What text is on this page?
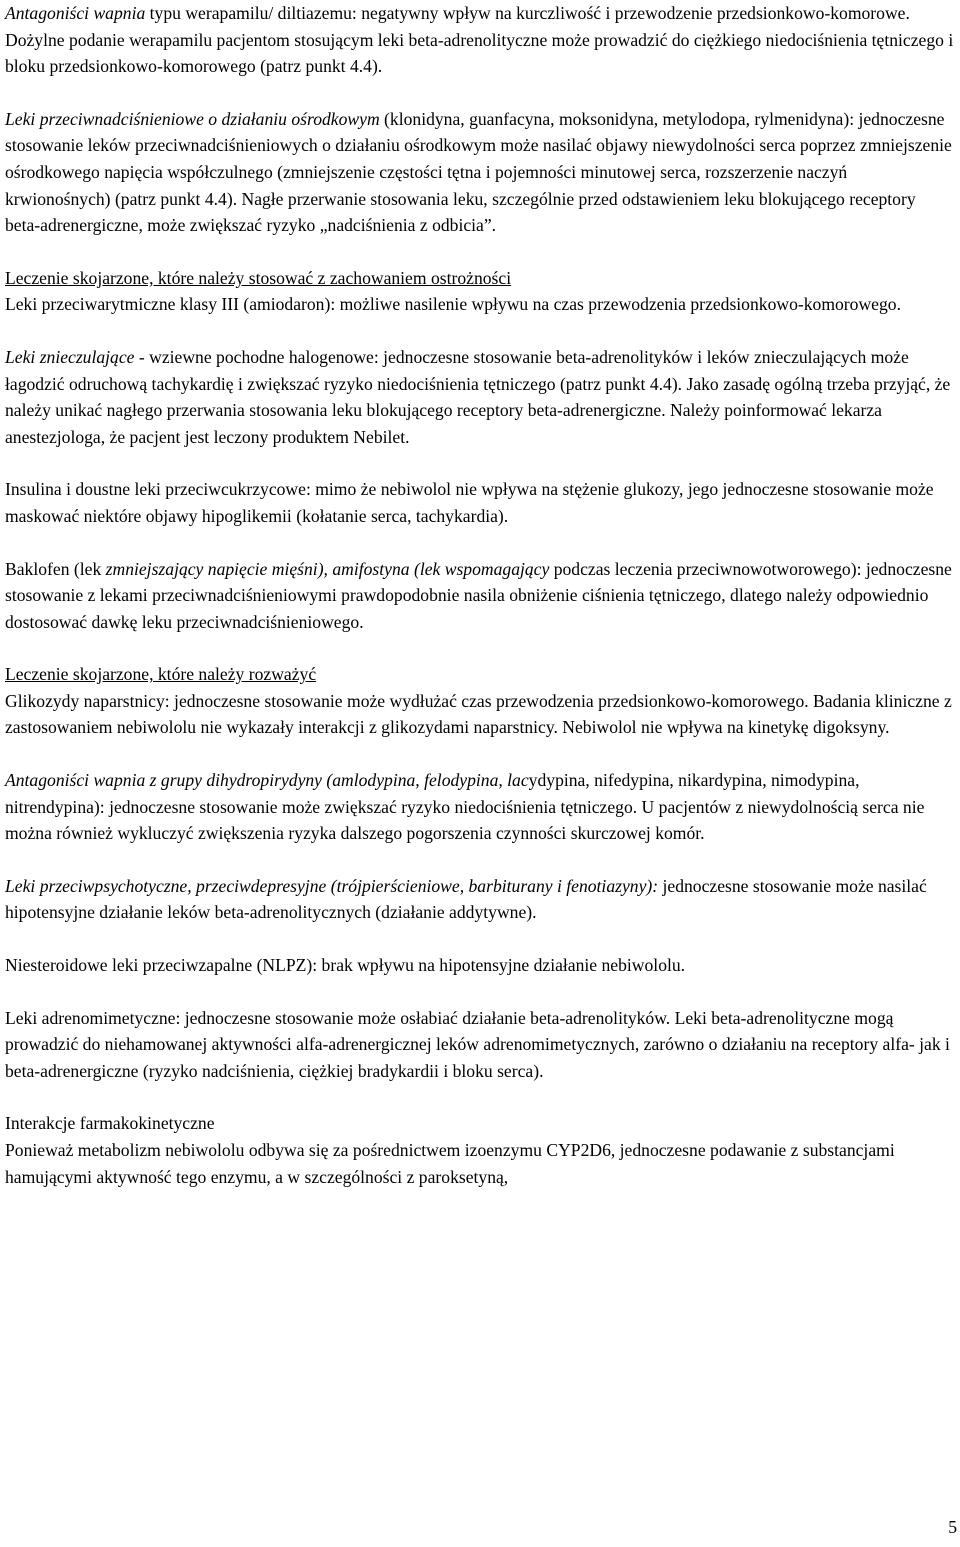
Antagoniści wapnia typu werapamilu/ diltiazemu: negatywny wpływ na kurczliwość i przewodzenie przedsionkowo-komorowe. Dożylne podanie werapamilu pacjentom stosującym leki beta-adrenolityczne może prowadzić do ciężkiego niedociśnienia tętniczego i bloku przedsionkowo-komorowego (patrz punkt 4.4).

Leki przeciwnadciśnieniowe o działaniu ośrodkowym (klonidyna, guanfacyna, moksonidyna, metylodopa, rylmenidyna): jednoczesne stosowanie leków przeciwnadciśnieniowych o działaniu ośrodkowym może nasilać objawy niewydolności serca poprzez zmniejszenie ośrodkowego napięcia współczulnego (zmniejszenie częstości tętna i pojemności minutowej serca, rozszerzenie naczyń krwionośnych) (patrz punkt 4.4). Nagłe przerwanie stosowania leku, szczególnie przed odstawieniem leku blokującego receptory beta-adrenergiczne, może zwiększać ryzyko „nadciśnienia z odbicia”.

Leczenie skojarzone, które należy stosować z zachowaniem ostrożności

Leki przeciwarytmiczne klasy III (amiodaron): możliwe nasilenie wpływu na czas przewodzenia przedsionkowo-komorowego.

Leki znieczulające - wziewne pochodne halogenowe: jednoczesne stosowanie beta-adrenolityków i leków znieczulających może łagodzić odruchową tachykardię i zwiększać ryzyko niedociśnienia tętniczego (patrz punkt 4.4). Jako zasadę ogólną trzeba przyjąć, że należy unikać nagłego przerwania stosowania leku blokującego receptory beta-adrenergiczne. Należy poinformować lekarza anestezjologa, że pacjent jest leczony produktem Nebilet.

Insulina i doustne leki przeciwcukrzycowe: mimo że nebiwolol nie wpływa na stężenie glukozy, jego jednoczesne stosowanie może maskować niektóre objawy hipoglikemii (kołatanie serca, tachykardia).

Baklofen (lek zmniejszający napięcie mięśni), amifostyna (lek wspomagający podczas leczenia przeciwnowotworowego): jednoczesne stosowanie z lekami przeciwnadciśnieniowymi prawdopodobnie nasila obniżenie ciśnienia tętniczego, dlatego należy odpowiednio dostosować dawkę leku przeciwnadciśnieniowego.

Leczenie skojarzone, które należy rozważyć

Glikozydy naparstnicy: jednoczesne stosowanie może wydłużać czas przewodzenia przedsionkowo-komorowego. Badania kliniczne z zastosowaniem nebiwololu nie wykazały interakcji z glikozydami naparstnicy. Nebiwolol nie wpływa na kinetykę digoksyny.

Antagoniści wapnia z grupy dihydropirydyny (amlodypina, felodypina, lacydypina, nifedypina, nikardypina, nimodypina, nitrendypina): jednoczesne stosowanie może zwiększać ryzyko niedociśnienia tętniczego. U pacjentów z niewydolnością serca nie można również wykluczyć zwiększenia ryzyka dalszego pogorszenia czynności skurczowej komór.

Leki przeciwpsychotyczne, przeciwdepresyjne (trójpierścieniowe, barbiturany i fenotiazyny): jednoczesne stosowanie może nasilać hipotensyjne działanie leków beta-adrenolitycznych (działanie addytywne).

Niesteroidowe leki przeciwzapalne (NLPZ): brak wpływu na hipotensyjne działanie nebiwololu.

Leki adrenomimetyczne: jednoczesne stosowanie może osłabiać działanie beta-adrenolityków. Leki beta-adrenolityczne mogą prowadzić do niehamowanej aktywności alfa-adrenergicznej leków adrenomimetycznych, zarówno o działaniu na receptory alfa- jak i beta-adrenergiczne (ryzyko nadciśnienia, ciężkiej bradykardii i bloku serca).

Interakcje farmakokinetyczne

Ponieważ metabolizm nebiwololu odbywa się za pośrednictwem izoenzymu CYP2D6, jednoczesne podawanie z substancjami hamującymi aktywność tego enzymu, a w szczególności z paroksetyną,

5
